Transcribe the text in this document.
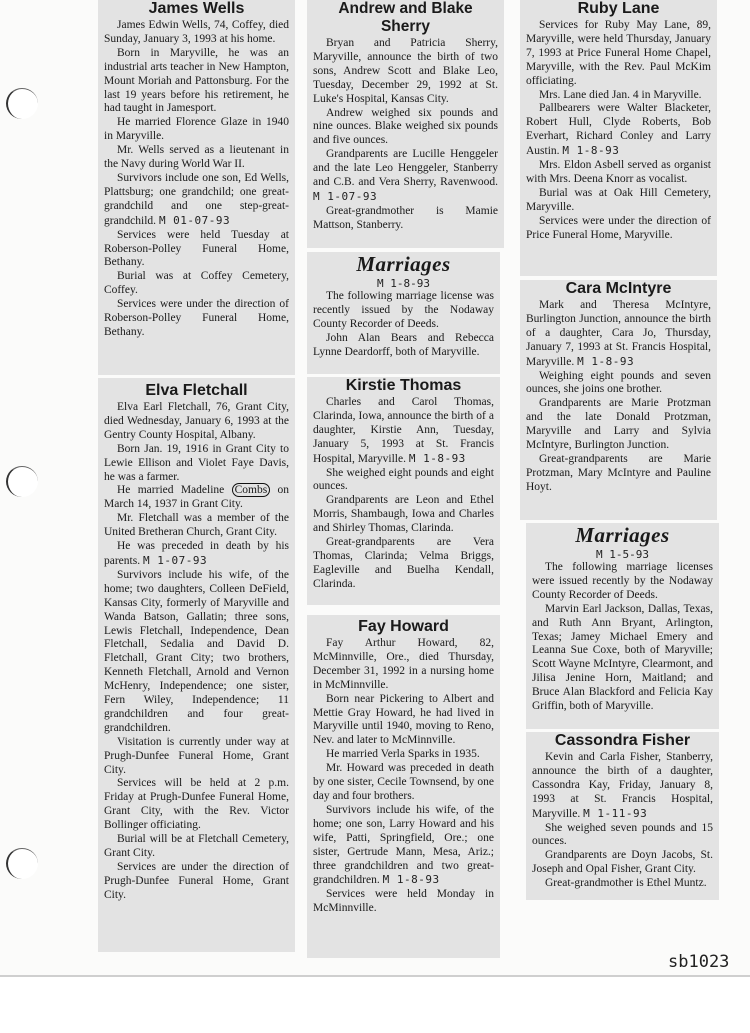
James Wells

James Edwin Wells, 74, Coffey, died Sunday, January 3, 1993 at his home.

Born in Maryville, he was an industrial arts teacher in New Hampton, Mount Moriah and Pattonsburg. For the last 19 years before his retirement, he had taught in Jamesport.

He married Florence Glaze in 1940 in Maryville.

Mr. Wells served as a lieutenant in the Navy during World War II.

Survivors include one son, Ed Wells, Plattsburg; one grandchild; one great-grandchild and one step-great-grandchild. M 01-07-93

Services were held Tuesday at Roberson-Polley Funeral Home, Bethany.

Burial was at Coffey Cemetery, Coffey.

Services were under the direction of Roberson-Polley Funeral Home, Bethany.

Elva Fletchall

Elva Earl Fletchall, 76, Grant City, died Wednesday, January 6, 1993 at the Gentry County Hospital, Albany.

Born Jan. 19, 1916 in Grant City to Lewie Ellison and Violet Faye Davis, he was a farmer.

He married Madeline Combs on March 14, 1937 in Grant City.

Mr. Fletchall was a member of the United Bretheran Church, Grant City.

He was preceded in death by his parents. M 1-07-93

Survivors include his wife, of the home; two daughters, Colleen DeField, Kansas City, formerly of Maryville and Wanda Batson, Gallatin; three sons, Lewis Fletchall, Independence, Dean Fletchall, Sedalia and David D. Fletchall, Grant City; two brothers, Kenneth Fletchall, Arnold and Vernon McHenry, Independence; one sister, Fern Wiley, Independence; 11 grandchildren and four great-grandchildren.

Visitation is currently under way at Prugh-Dunfee Funeral Home, Grant City.

Services will be held at 2 p.m. Friday at Prugh-Dunfee Funeral Home, Grant City, with the Rev. Victor Bollinger officiating.

Burial will be at Fletchall Cemetery, Grant City.

Services are under the direction of Prugh-Dunfee Funeral Home, Grant City.

Andrew and Blake Sherry

Bryan and Patricia Sherry, Maryville, announce the birth of two sons, Andrew Scott and Blake Leo, Tuesday, December 29, 1992 at St. Luke's Hospital, Kansas City.

Andrew weighed six pounds and nine ounces. Blake weighed six pounds and five ounces.

Grandparents are Lucille Henggeler and the late Leo Henggeler, Stanberry and C.B. and Vera Sherry, Ravenwood. M 1-07-93

Great-grandmother is Mamie Mattson, Stanberry.

Marriages
M 1-8-93

The following marriage license was recently issued by the Nodaway County Recorder of Deeds.

John Alan Bears and Rebecca Lynne Deardorff, both of Maryville.

Kirstie Thomas

Charles and Carol Thomas, Clarinda, Iowa, announce the birth of a daughter, Kirstie Ann, Tuesday, January 5, 1993 at St. Francis Hospital, Maryville. M 1-8-93

She weighed eight pounds and eight ounces.

Grandparents are Leon and Ethel Morris, Shambaugh, Iowa and Charles and Shirley Thomas, Clarinda.

Great-grandparents are Vera Thomas, Clarinda; Velma Briggs, Eagleville and Buelha Kendall, Clarinda.

Fay Howard

Fay Arthur Howard, 82, McMinnville, Ore., died Thursday, December 31, 1992 in a nursing home in McMinnville.

Born near Pickering to Albert and Mettie Gray Howard, he had lived in Maryville until 1940, moving to Reno, Nev. and later to McMinnville.

He married Verla Sparks in 1935.

Mr. Howard was preceded in death by one sister, Cecile Townsend, by one day and four brothers.

Survivors include his wife, of the home; one son, Larry Howard and his wife, Patti, Springfield, Ore.; one sister, Gertrude Mann, Mesa, Ariz.; three grandchildren and two great-grandchildren. M 1-8-93

Services were held Monday in McMinnville.

Ruby Lane

Services for Ruby May Lane, 89, Maryville, were held Thursday, January 7, 1993 at Price Funeral Home Chapel, Maryville, with the Rev. Paul McKim officiating.

Mrs. Lane died Jan. 4 in Maryville.

Pallbearers were Walter Blacketer, Robert Hull, Clyde Roberts, Bob Everhart, Richard Conley and Larry Austin. M 1-8-93

Mrs. Eldon Asbell served as organist with Mrs. Deena Knorr as vocalist.

Burial was at Oak Hill Cemetery, Maryville.

Services were under the direction of Price Funeral Home, Maryville.

Cara McIntyre

Mark and Theresa McIntyre, Burlington Junction, announce the birth of a daughter, Cara Jo, Thursday, January 7, 1993 at St. Francis Hospital, Maryville. M 1-8-93

Weighing eight pounds and seven ounces, she joins one brother.

Grandparents are Marie Protzman and the late Donald Protzman, Maryville and Larry and Sylvia McIntyre, Burlington Junction.

Great-grandparents are Marie Protzman, Mary McIntyre and Pauline Hoyt.

Marriages
M 1-5-93

The following marriage licenses were issued recently by the Nodaway County Recorder of Deeds.

Marvin Earl Jackson, Dallas, Texas, and Ruth Ann Bryant, Arlington, Texas; Jamey Michael Emery and Leanna Sue Coxe, both of Maryville; Scott Wayne McIntyre, Clearmont, and Jilisa Jenine Horn, Maitland; and Bruce Alan Blackford and Felicia Kay Griffin, both of Maryville.

Cassondra Fisher

Kevin and Carla Fisher, Stanberry, announce the birth of a daughter, Cassondra Kay, Friday, January 8, 1993 at St. Francis Hospital, Maryville. M 1-11-93

She weighed seven pounds and 15 ounces.

Grandparents are Doyn Jacobs, St. Joseph and Opal Fisher, Grant City.

Great-grandmother is Ethel Muntz.

sb1023
